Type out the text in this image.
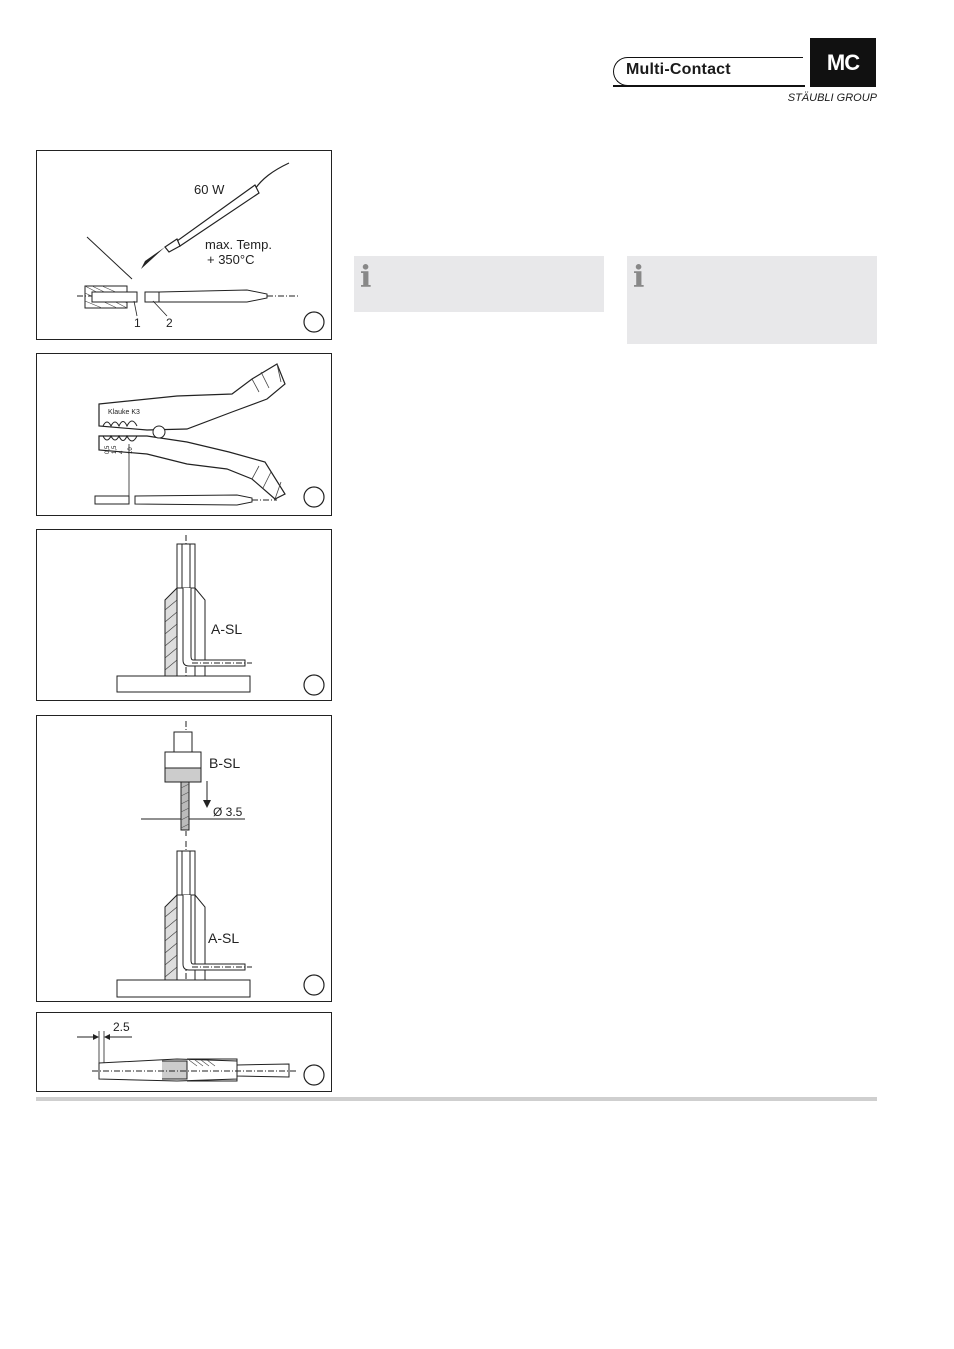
Multi-Contact	MC
STÄUBLI GROUP
60 W
max. Temp.
+ 350°C
1 2
i	i
Klauke K3
0,5 1,5 4 10
A-SL
B-SL
Ø 3.5
A-SL
2.5
